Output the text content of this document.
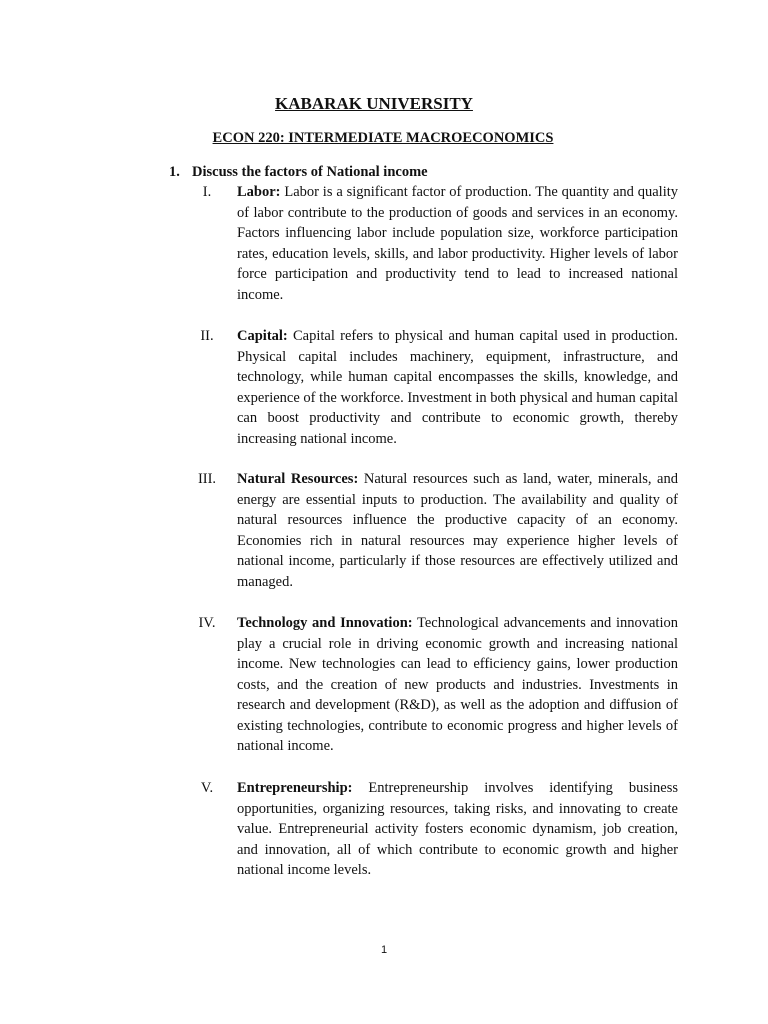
KABARAK UNIVERSITY
ECON 220: INTERMEDIATE MACROECONOMICS
1. Discuss the factors of National income
I.	Labor: Labor is a significant factor of production. The quantity and quality of labor contribute to the production of goods and services in an economy. Factors influencing labor include population size, workforce participation rates, education levels, skills, and labor productivity. Higher levels of labor force participation and productivity tend to lead to increased national income.
II.	Capital: Capital refers to physical and human capital used in production. Physical capital includes machinery, equipment, infrastructure, and technology, while human capital encompasses the skills, knowledge, and experience of the workforce. Investment in both physical and human capital can boost productivity and contribute to economic growth, thereby increasing national income.
III.	Natural Resources: Natural resources such as land, water, minerals, and energy are essential inputs to production. The availability and quality of natural resources influence the productive capacity of an economy. Economies rich in natural resources may experience higher levels of national income, particularly if those resources are effectively utilized and managed.
IV.	Technology and Innovation: Technological advancements and innovation play a crucial role in driving economic growth and increasing national income. New technologies can lead to efficiency gains, lower production costs, and the creation of new products and industries. Investments in research and development (R&D), as well as the adoption and diffusion of existing technologies, contribute to economic progress and higher levels of national income.
V.	Entrepreneurship: Entrepreneurship involves identifying business opportunities, organizing resources, taking risks, and innovating to create value. Entrepreneurial activity fosters economic dynamism, job creation, and innovation, all of which contribute to economic growth and higher national income levels.
1
